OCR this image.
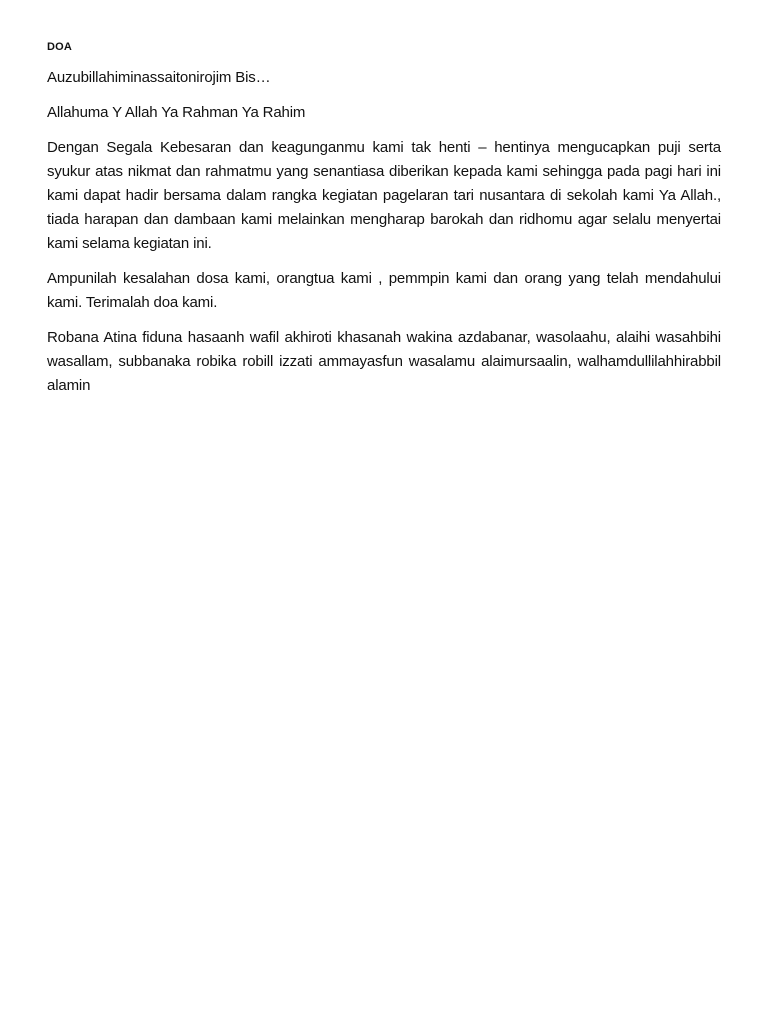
DOA

Auzubillahiminassaitonirojim Bis…

Allahuma Y Allah Ya Rahman Ya Rahim

Dengan Segala Kebesaran dan keagunganmu kami tak henti – hentinya mengucapkan puji serta syukur atas nikmat dan rahmatmu yang senantiasa diberikan kepada kami sehingga pada pagi hari ini kami dapat hadir bersama dalam rangka kegiatan pagelaran tari nusantara di sekolah kami Ya Allah., tiada harapan dan dambaan kami melainkan mengharap barokah dan ridhomu agar selalu menyertai kami selama kegiatan ini.

Ampunilah kesalahan dosa kami, orangtua kami , pemmpin kami dan orang yang telah mendahului kami. Terimalah doa kami.

Robana Atina fiduna hasaanh wafil akhiroti khasanah wakina azdabanar, wasolaahu, alaihi wasahbihi wasallam, subbanaka robika robill izzati ammayasfun wasalamu alaimursaalin, walhamdullilahhirabbil alamin
